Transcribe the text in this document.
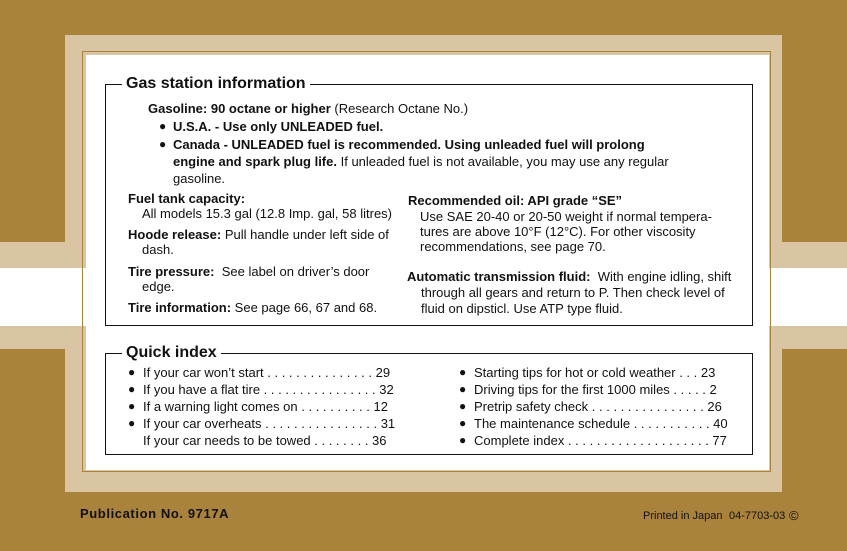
Gas station information
Gasoline: 90 octane or higher (Research Octane No.)
● U.S.A. - Use only UNLEADED fuel.
● Canada - UNLEADED fuel is recommended. Using unleaded fuel will prolong
engine and spark plug life. If unleaded fuel is not available, you may use any regular
gasoline.
Fuel tank capacity:
All models 15.3 gal (12.8 Imp. gal, 58 litres)
Hoode release: Pull handle under left side of
dash.
Tire pressure: See label on driver’s door
edge.
Tire information: See page 66, 67 and 68.
Recommended oil: API grade “SE”
Use SAE 20-40 or 20-50 weight if normal tempera-
tures are above 10°F (12°C). For other viscosity
recommendations, see page 70.
Automatic transmission fluid: With engine idling, shift
through all gears and return to P. Then check level of
fluid on dipsticl. Use ATP type fluid.
Quick index
● If your car won’t start . . . . . . . . . . . . . . . 29
● If you have a flat tire . . . . . . . . . . . . . . . . 32
● If a warning light comes on . . . . . . . . . . 12
● If your car overheats . . . . . . . . . . . . . . . . 31
If your car needs to be towed . . . . . . . . 36
● Starting tips for hot or cold weather . . . 23
● Driving tips for the first 1000 miles . . . . . 2
● Pretrip safety check . . . . . . . . . . . . . . . . 26
● The maintenance schedule . . . . . . . . . . . 40
● Complete index . . . . . . . . . . . . . . . . . . . . 77
Publication No. 9717A	Printed in Japan 04-7703-03 ©
